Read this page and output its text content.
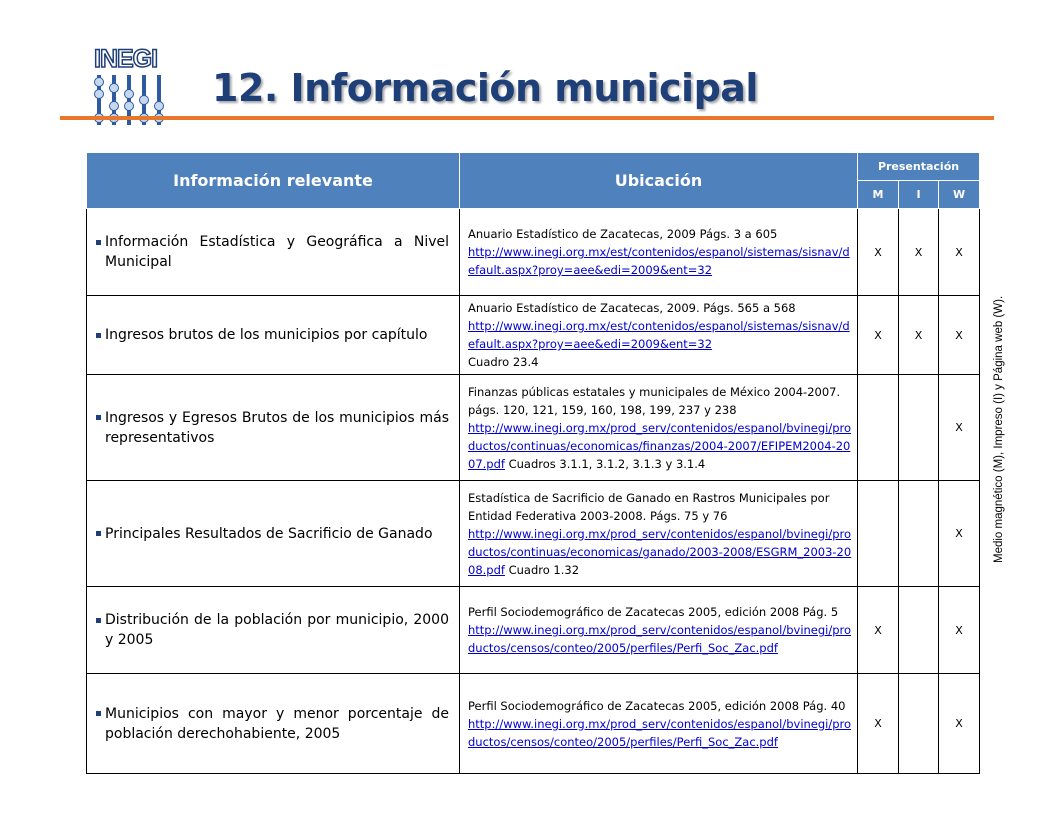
INEGI
12. Información municipal
Medio magnético (M), Impreso (I) y Página web (W).
Información relevante	Ubicación	Presentación		
		M	I	W
Información Estadística y Geográfica a Nivel Municipal	Anuario Estadístico de Zacatecas, 2009 Págs. 3 a 605
http://www.inegi.org.mx/est/contenidos/espanol/sistemas/sisnav/default.aspx?proy=aee&edi=2009&ent=32	X	X	X
Ingresos brutos de los municipios por capítulo	Anuario Estadístico de Zacatecas, 2009. Págs. 565 a 568
http://www.inegi.org.mx/est/contenidos/espanol/sistemas/sisnav/default.aspx?proy=aee&edi=2009&ent=32
Cuadro 23.4	X	X	X
Ingresos y Egresos Brutos de los municipios más representativos	Finanzas públicas estatales y municipales de México 2004-2007. págs. 120, 121, 159, 160, 198, 199, 237 y 238
http://www.inegi.org.mx/prod_serv/contenidos/espanol/bvinegi/productos/continuas/economicas/finanzas/2004-2007/EFIPEM2004-2007.pdf Cuadros 3.1.1, 3.1.2, 3.1.3 y 3.1.4			X
Principales Resultados de Sacrificio de Ganado	Estadística de Sacrificio de Ganado en Rastros Municipales por Entidad Federativa 2003-2008. Págs. 75 y 76
http://www.inegi.org.mx/prod_serv/contenidos/espanol/bvinegi/productos/continuas/economicas/ganado/2003-2008/ESGRM_2003-2008.pdf Cuadro 1.32			X
Distribución de la población por municipio, 2000 y 2005	Perfil Sociodemográfico de Zacatecas 2005, edición 2008 Pág. 5
http://www.inegi.org.mx/prod_serv/contenidos/espanol/bvinegi/productos/censos/conteo/2005/perfiles/Perfi_Soc_Zac.pdf	X		X
Municipios con mayor y menor porcentaje de población derechohabiente, 2005	Perfil Sociodemográfico de Zacatecas 2005, edición 2008 Pág. 40
http://www.inegi.org.mx/prod_serv/contenidos/espanol/bvinegi/productos/censos/conteo/2005/perfiles/Perfi_Soc_Zac.pdf	X		X
